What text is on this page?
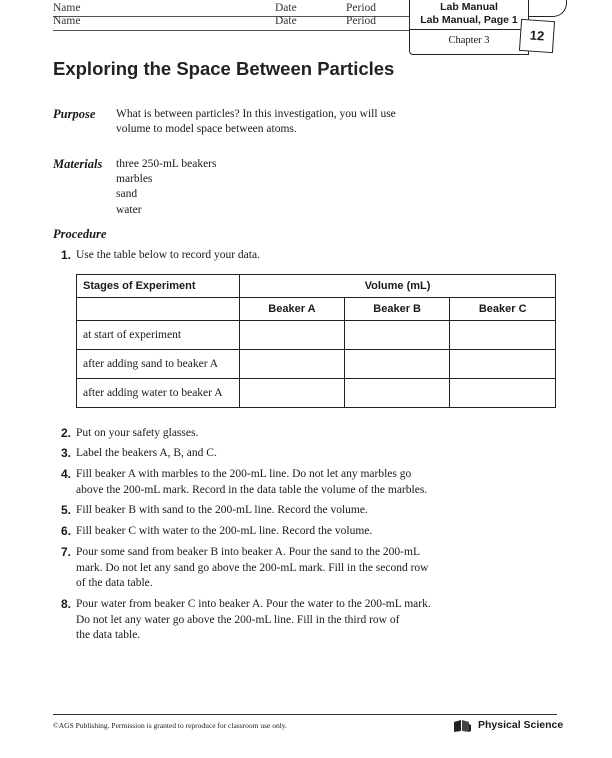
Name	Date	Period
Name	Date	Period
Lab Manual
Lab Manual, Page 1
Chapter 3	12
Exploring the Space Between Particles
Purpose What is between particles? In this investigation, you will use
volume to model space between atoms.
Materials three 250-mL beakers
marbles
sand
water
Procedure
1. Use the table below to record your data.
Stages of Experiment	Volume (mL)		
	Beaker A	Beaker B	Beaker C
at start of experiment			
after adding sand to beaker A			
after adding water to beaker A			
2. Put on your safety glasses.
3. Label the beakers A, B, and C.
4. Fill beaker A with marbles to the 200-mL line. Do not let any marbles go
above the 200-mL mark. Record in the data table the volume of the marbles.
5. Fill beaker B with sand to the 200-mL line. Record the volume.
6. Fill beaker C with water to the 200-mL line. Record the volume.
7. Pour some sand from beaker B into beaker A. Pour the sand to the 200-mL
mark. Do not let any sand go above the 200-mL mark. Fill in the second row
of the data table.
8. Pour water from beaker C into beaker A. Pour the water to the 200-mL mark.
Do not let any water go above the 200-mL line. Fill in the third row of
the data table.
©AGS Publishing. Permission is granted to reproduce for classroom use only.	Physical Science
